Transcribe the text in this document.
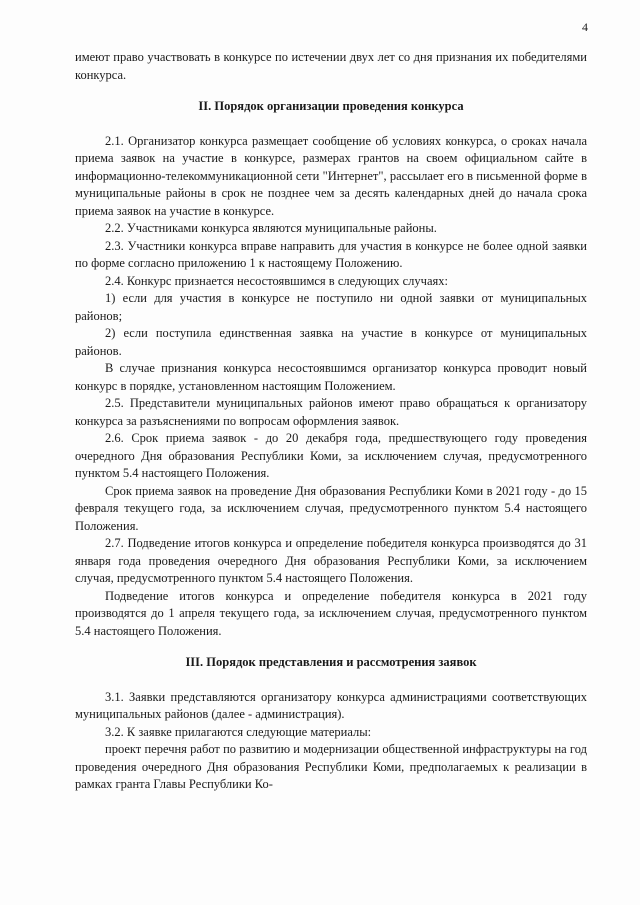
4

имеют право участвовать в конкурсе по истечении двух лет со дня признания их победителями конкурса.

II. Порядок организации проведения конкурса

2.1. Организатор конкурса размещает сообщение об условиях конкурса, о сроках начала приема заявок на участие в конкурсе, размерах грантов на своем официальном сайте в информационно-телекоммуникационной сети "Интернет", рассылает его в письменной форме в муниципальные районы в срок не позднее чем за десять календарных дней до начала срока приема заявок на участие в конкурсе.

2.2. Участниками конкурса являются муниципальные районы.

2.3. Участники конкурса вправе направить для участия в конкурсе не более одной заявки по форме согласно приложению 1 к настоящему Положению.

2.4. Конкурс признается несостоявшимся в следующих случаях:

1) если для участия в конкурсе не поступило ни одной заявки от муниципальных районов;

2) если поступила единственная заявка на участие в конкурсе от муниципальных районов.

В случае признания конкурса несостоявшимся организатор конкурса проводит новый конкурс в порядке, установленном настоящим Положением.

2.5. Представители муниципальных районов имеют право обращаться к организатору конкурса за разъяснениями по вопросам оформления заявок.

2.6. Срок приема заявок - до 20 декабря года, предшествующего году проведения очередного Дня образования Республики Коми, за исключением случая, предусмотренного пунктом 5.4 настоящего Положения.

Срок приема заявок на проведение Дня образования Республики Коми в 2021 году - до 15 февраля текущего года, за исключением случая, предусмотренного пунктом 5.4 настоящего Положения.

2.7. Подведение итогов конкурса и определение победителя конкурса производятся до 31 января года проведения очередного Дня образования Республики Коми, за исключением случая, предусмотренного пунктом 5.4 настоящего Положения.

Подведение итогов конкурса и определение победителя конкурса в 2021 году производятся до 1 апреля текущего года, за исключением случая, предусмотренного пунктом 5.4 настоящего Положения.

III. Порядок представления и рассмотрения заявок

3.1. Заявки представляются организатору конкурса администрациями соответствующих муниципальных районов (далее - администрация).

3.2. К заявке прилагаются следующие материалы:

проект перечня работ по развитию и модернизации общественной инфраструктуры на год проведения очередного Дня образования Республики Коми, предполагаемых к реализации в рамках гранта Главы Республики Ко-
